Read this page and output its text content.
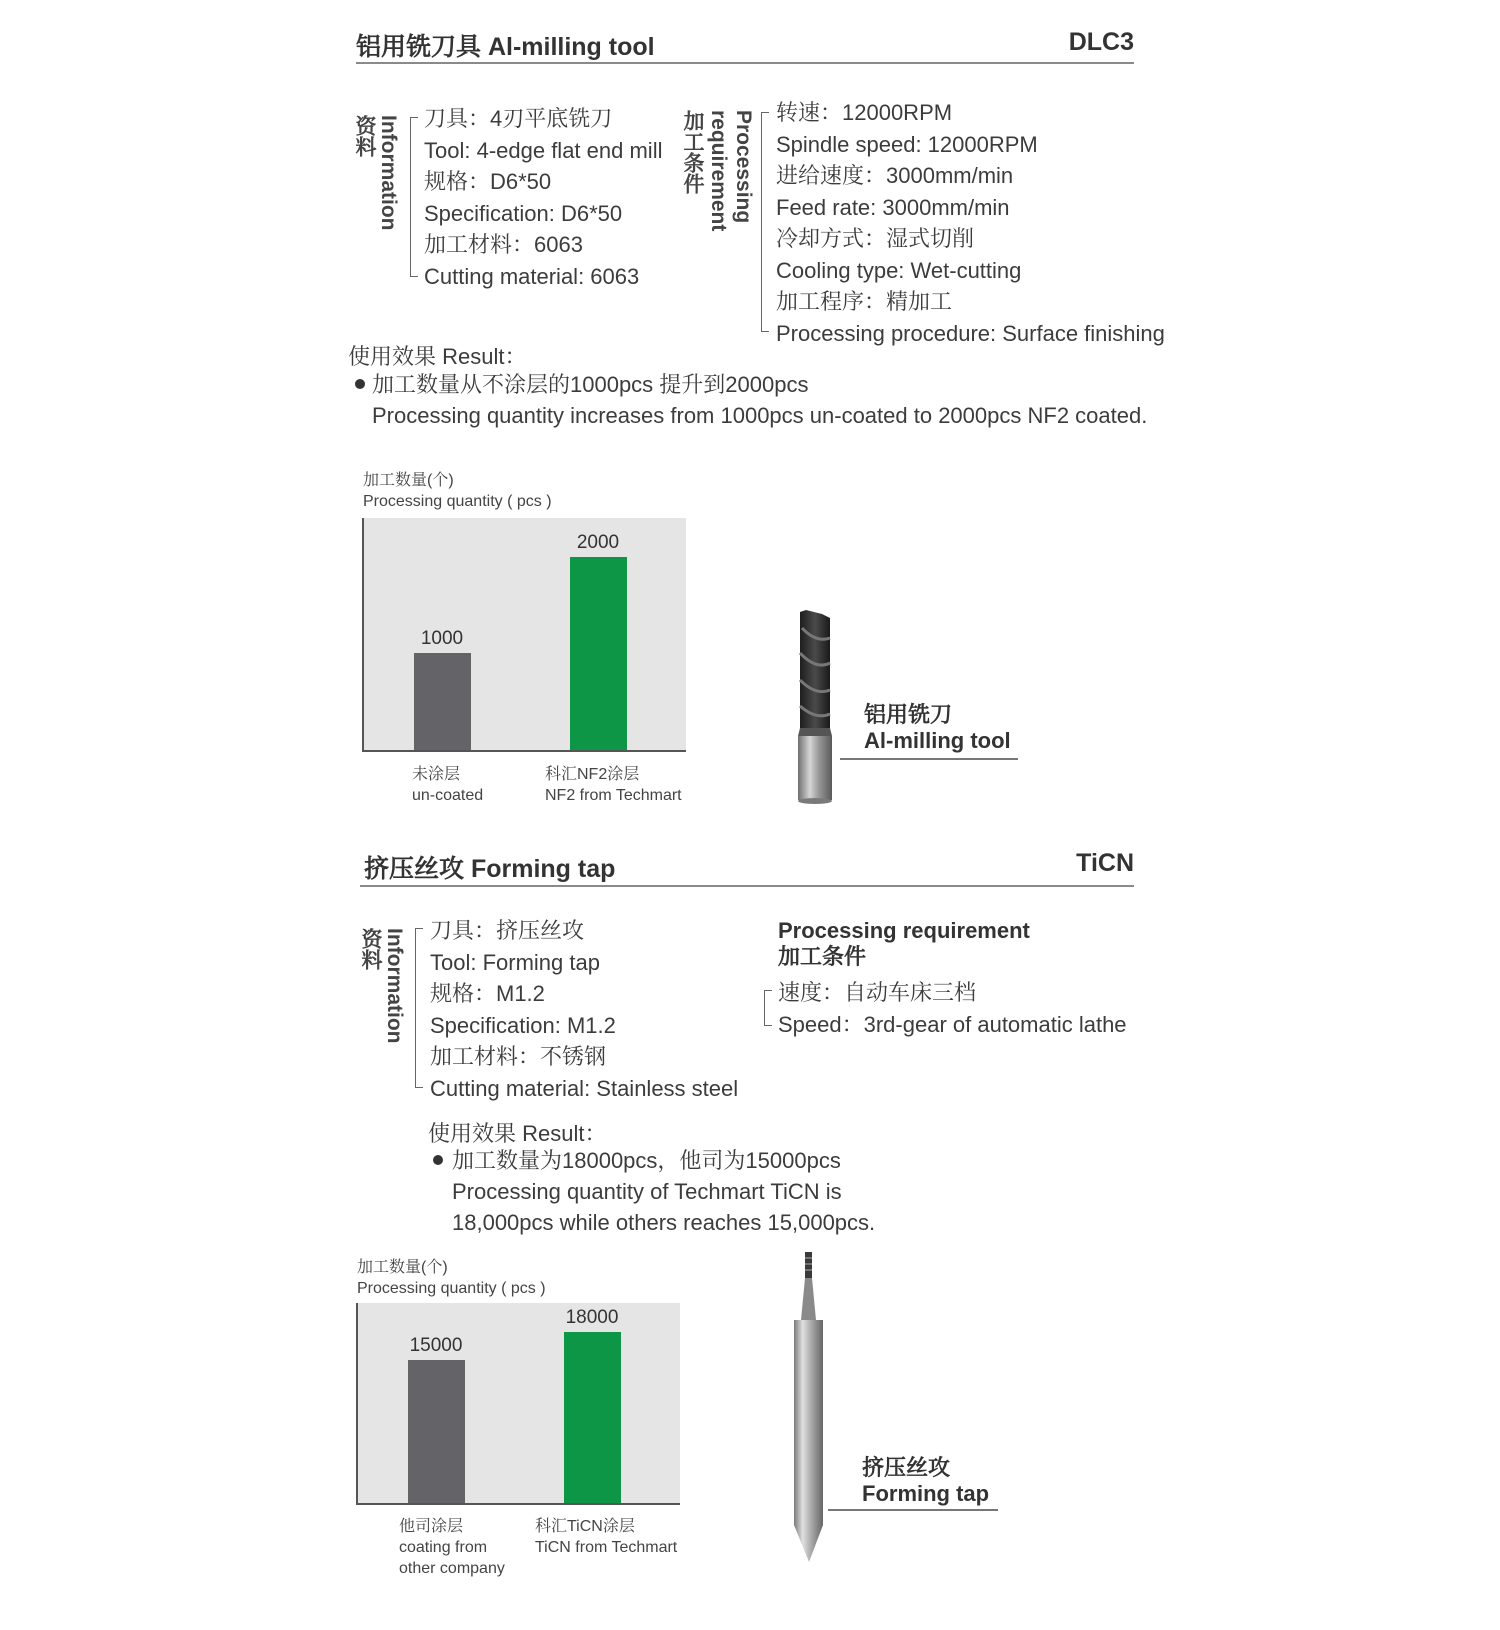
铝用铣刀具 Al-milling tool	DLC3
资料 Information 刀具：4刃平底铣刀
Tool: 4-edge flat end mill
规格：D6*50
Specification: D6*50
加工材料：6063
Cutting material: 6063
加工条件 requirement Processing 转速：12000RPM
Spindle speed: 12000RPM
进给速度：3000mm/min
Feed rate: 3000mm/min
冷却方式：湿式切削
Cooling type: Wet-cutting
加工程序：精加工
Processing procedure: Surface finishing
使用效果 Result：
加工数量从不涂层的1000pcs 提升到2000pcs
Processing quantity increases from 1000pcs un-coated to 2000pcs NF2 coated.
加工数量(个)
Processing quantity ( pcs )
1000
2000
未涂层
un-coated
科汇NF2涂层
NF2 from Techmart
铝用铣刀
Al-milling tool
挤压丝攻 Forming tap	TiCN
资料 Information 刀具：挤压丝攻
Tool: Forming tap
规格：M1.2
Specification: M1.2
加工材料：不锈钢
Cutting material: Stainless steel
Processing requirement
加工条件
速度：自动车床三档
Speed：3rd-gear of automatic lathe
使用效果 Result：
加工数量为18000pcs，他司为15000pcs
Processing quantity of Techmart TiCN is
18,000pcs while others reaches 15,000pcs.
加工数量(个)
Processing quantity ( pcs )
15000
18000
他司涂层
coating from
other company
科汇TiCN涂层
TiCN from Techmart
挤压丝攻
Forming tap
